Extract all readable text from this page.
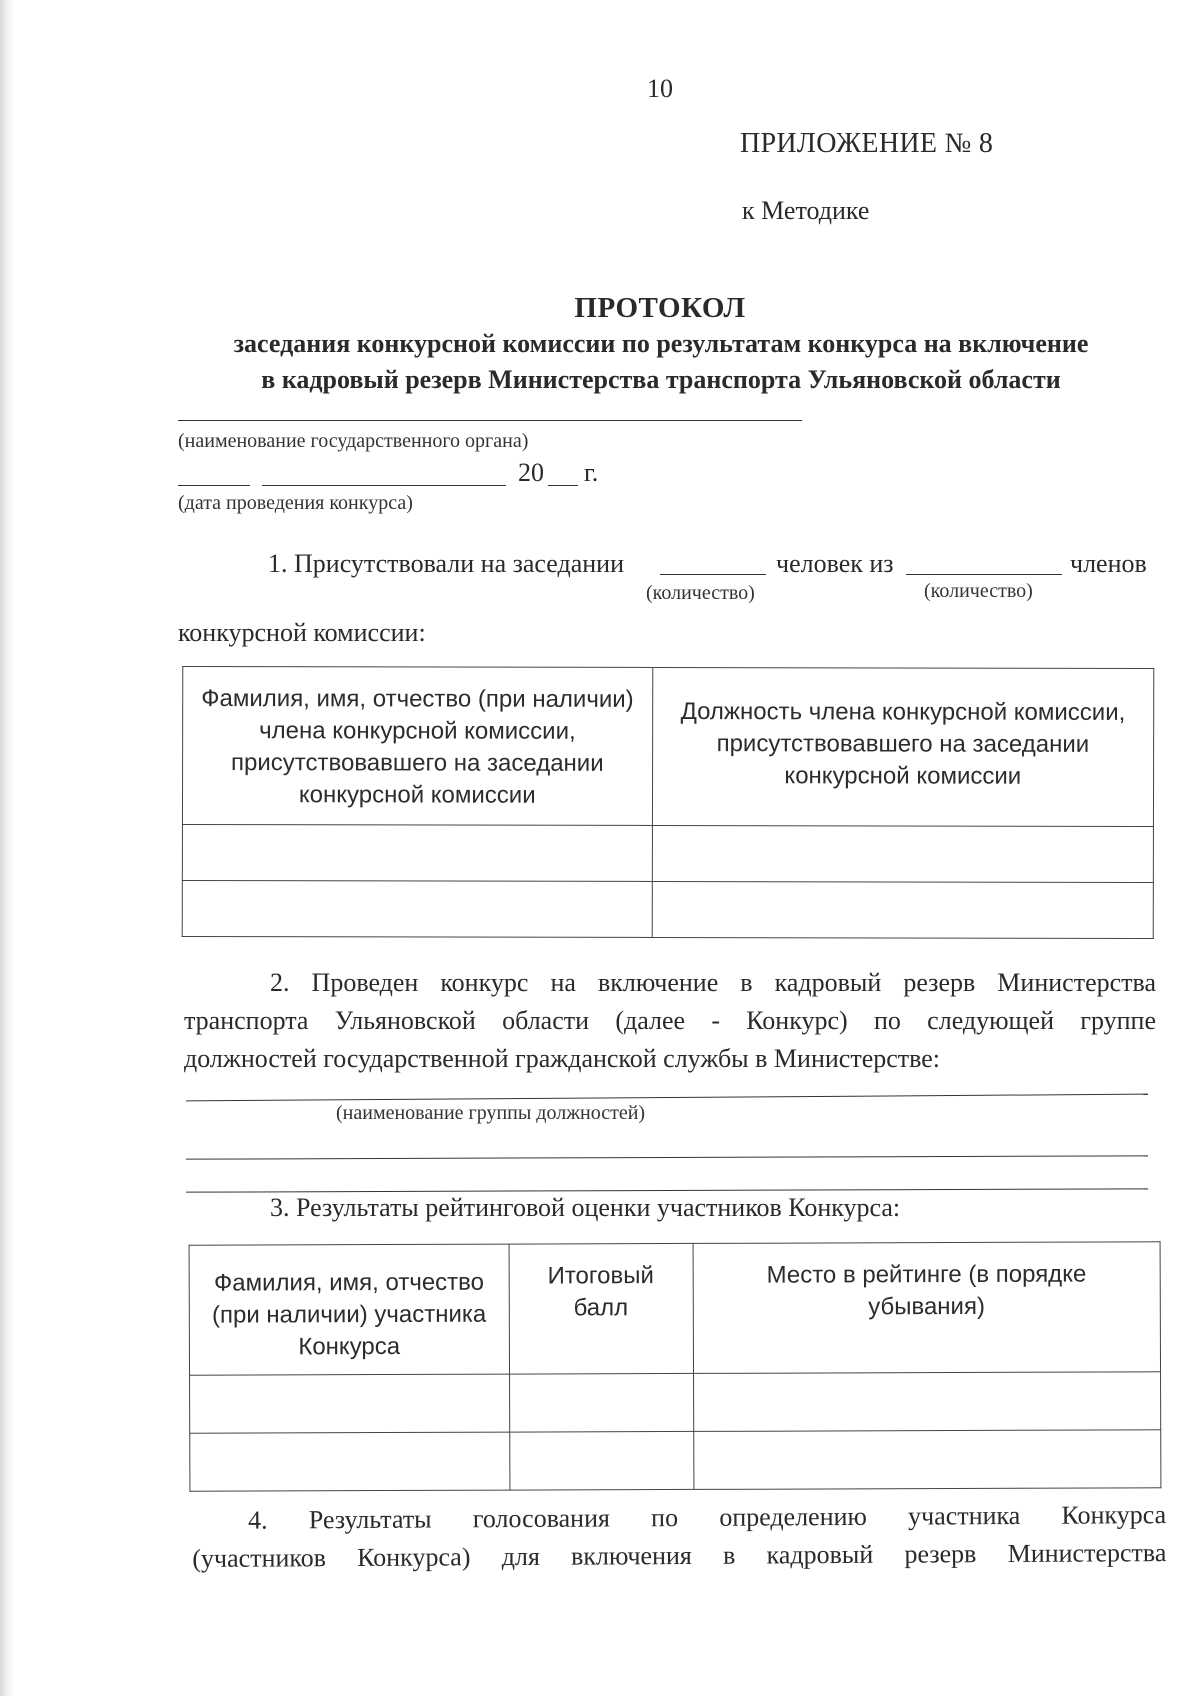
10
ПРИЛОЖЕНИЕ № 8
к Методике
ПРОТОКОЛ
заседания конкурсной комиссии по результатам конкурса на включение
в кадровый резерв Министерства транспорта Ульяновской области
(наименование государственного органа)
20 г.
(дата проведения конкурса)
1. Присутствовали на заседании	человек из	членов
(количество)	(количество)
конкурсной комиссии:
Фамилия, имя, отчество (при наличии) члена конкурсной комиссии, присутствовавшего на заседании конкурсной комиссии	Должность члена конкурсной комиссии, присутствовавшего на заседании конкурсной комиссии

2. Проведен конкурс на включение в кадровый резерв Министерства
транспорта Ульяновской области (далее - Конкурс) по следующей группе
должностей государственной гражданской службы в Министерстве:
(наименование группы должностей)
3. Результаты рейтинговой оценки участников Конкурса:
Фамилия, имя, отчество (при наличии) участника Конкурса	Итоговый балл	Место в рейтинге (в порядке убывания)

4. Результаты голосования по определению участника Конкурса
(участников Конкурса) для включения в кадровый резерв Министерства
